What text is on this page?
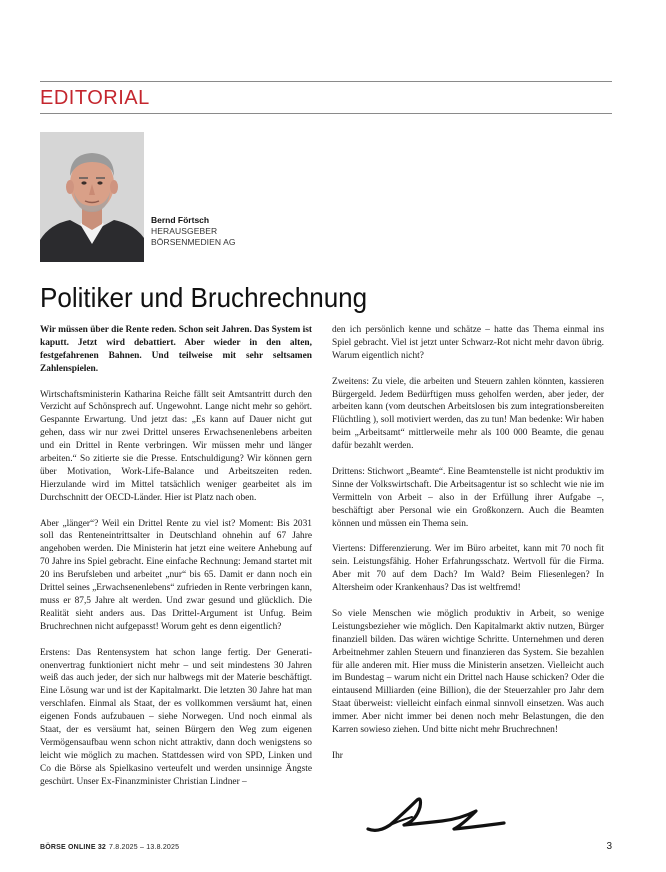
EDITORIAL
Bernd Förtsch
HERAUSGEBER
BÖRSENMEDIEN AG
Politiker und Bruchrechnung

Wir müssen über die Rente reden. Schon seit Jahren. Das System ist kaputt. Jetzt wird debattiert. Aber wieder in den alten, festgefahrenen Bahnen. Und teilweise mit sehr seltsamen Zahlenspielen.

Wirtschaftsministerin Katharina Reiche fällt seit Amtsantritt durch den Verzicht auf Schönsprech auf. Ungewohnt. Lange nicht mehr so gehört. Gespannte Erwartung. Und jetzt das: „Es kann auf Dauer nicht gut gehen, dass wir nur zwei Drittel unseres Erwachsenenlebens arbeiten und ein Drittel in Rente verbringen. Wir müssen mehr und länger arbeiten.“ So zitierte sie die Presse. Entschuldigung? Wir können gern über Motivation, Work-Life-Balance und Arbeitszeiten reden. Hierzulande wird im Mittel tatsächlich weniger gearbeitet als im Durchschnitt der OECD-Länder. Hier ist Platz nach oben.

Aber „länger“? Weil ein Drittel Rente zu viel ist? Moment: Bis 2031 soll das Renteneintrittsalter in Deutschland ohnehin auf 67 Jahre angehoben werden. Die Ministerin hat jetzt eine weitere Anhebung auf 70 Jahre ins Spiel gebracht. Eine einfache Rechnung: Jemand startet mit 20 ins Berufsleben und arbeitet „nur“ bis 65. Damit er dann noch ein Drittel seines „Erwachsenenlebens“ zufrieden in Rente verbringen kann, muss er 87,5 Jahre alt werden. Und zwar gesund und glücklich. Die Realität sieht anders aus. Das Drittel-Argument ist Unfug. Beim Bruchrechnen nicht aufgepasst! Worum geht es denn eigentlich?

Erstens: Das Rentensystem hat schon lange fertig. Der Generationenvertrag funktioniert nicht mehr – und seit mindestens 30 Jahren weiß das auch jeder, der sich nur halbwegs mit der Materie beschäftigt. Eine Lösung war und ist der Kapitalmarkt. Die letzten 30 Jahre hat man verschlafen. Einmal als Staat, der es vollkommen versäumt hat, einen eigenen Fonds aufzubauen – siehe Norwegen. Und noch einmal als Staat, der es versäumt hat, seinen Bürgern den Weg zum eigenen Vermögensaufbau wenn schon nicht attraktiv, dann doch wenigstens so leicht wie möglich zu machen. Stattdessen wird von SPD, Linken und Co die Börse als Spielkasino verteufelt und werden unsinnige Ängste geschürt. Unser Ex-Finanzminister Christian Lindner –

den ich persönlich kenne und schätze – hatte das Thema einmal ins Spiel gebracht. Viel ist jetzt unter Schwarz-Rot nicht mehr davon übrig. Warum eigentlich nicht?

Zweitens: Zu viele, die arbeiten und Steuern zahlen könnten, kassieren Bürgergeld. Jedem Bedürftigen muss geholfen werden, aber jeder, der arbeiten kann (vom deutschen Arbeitslosen bis zum integrationsbereiten Flüchtling ), soll motiviert werden, das zu tun! Man bedenke: Wir haben beim „Arbeitsamt“ mittlerweile mehr als 100 000 Beamte, die genau dafür bezahlt werden.

Drittens: Stichwort „Beamte“. Eine Beamtenstelle ist nicht produktiv im Sinne der Volkswirtschaft. Die Arbeitsagentur ist so schlecht wie nie im Vermitteln von Arbeit – also in der Erfüllung ihrer Aufgabe –, beschäftigt aber Personal wie ein Großkonzern. Auch die Beamten können und müssen ein Thema sein.

Viertens: Differenzierung. Wer im Büro arbeitet, kann mit 70 noch fit sein. Leistungsfähig. Hoher Erfahrungsschatz. Wertvoll für die Firma. Aber mit 70 auf dem Dach? Im Wald? Beim Fliesenlegen? In Altersheim oder Krankenhaus? Das ist weltfremd!

So viele Menschen wie möglich produktiv in Arbeit, so wenige Leistungsbezieher wie möglich. Den Kapitalmarkt aktiv nutzen, Bürger finanziell bilden. Das wären wichtige Schritte. Unternehmen und deren Arbeitnehmer zahlen Steuern und finanzieren das System. Sie bezahlen für alle anderen mit. Hier muss die Ministerin ansetzen. Vielleicht auch im Bundestag – warum nicht ein Drittel nach Hause schicken? Oder die eintausend Milliarden (eine Billion), die der Steuerzahler pro Jahr dem Staat überweist: vielleicht einfach einmal sinnvoll einsetzen. Was auch immer. Aber nicht immer bei denen noch mehr Belastungen, die den Karren sowieso ziehen. Und bitte nicht mehr Bruchrechnen!

Ihr

BÖRSE ONLINE 32 7.8.2025 – 13.8.2025	3
